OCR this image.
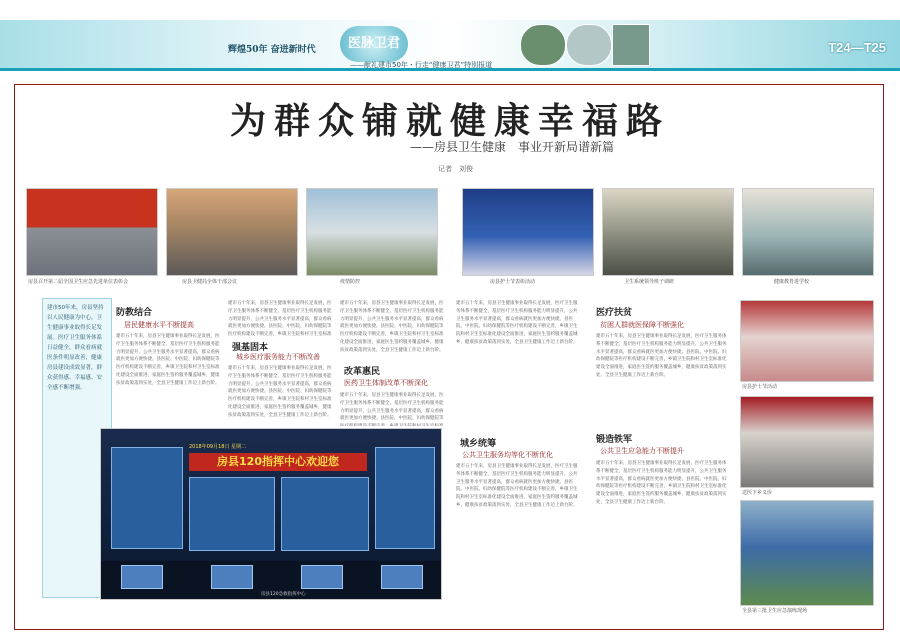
辉煌50年 奋进新时代	医脉卫君
——献礼建市50年・行走“健康卫君”特别报道
T24—T25
为群众铺就健康幸福路
——房县卫生健康　事业开新局谱新篇
记者　刘俊
房县召开第二届全国卫生应急先进单位表彰会	房县卫健局全体干部会议	疫情防控	房县护士节表彰活动	卫生系统领导班子调研	健康教育进学校
建市50年来，房县坚持以人民健康为中心，卫生健康事业取得长足发展。医疗卫生服务体系日益健全，群众看病就医条件明显改善，健康房县建设成效显著，群众获得感、幸福感、安全感不断增强。
防教结合
居民健康水平不断提高

建市五十年来，房县卫生健康事业取得长足发展，医疗卫生服务体系不断健全，基层医疗卫生机构服务能力明显提升，公共卫生服务水平显著提高，群众看病就医更加方便快捷。县医院、中医院、妇幼保健院等医疗机构建设不断完善，乡镇卫生院和村卫生室标准化建设全面推进，家庭医生签约服务覆盖城乡，健康扶贫政策落到实处，全县卫生健康工作迈上新台阶。

建市五十年来，房县卫生健康事业取得长足发展，医疗卫生服务体系不断健全，基层医疗卫生机构服务能力明显提升，公共卫生服务水平显著提高，群众看病就医更加方便快捷。县医院、中医院、妇幼保健院等医疗机构建设不断完善，乡镇卫生院和村卫生室标准

强基固本
城乡医疗服务能力不断改善

建市五十年来，房县卫生健康事业取得长足发展，医疗卫生服务体系不断健全，基层医疗卫生机构服务能力明显提升，公共卫生服务水平显著提高，群众看病就医更加方便快捷。县医院、中医院、妇幼保健院等医疗机构建设不断完善，乡镇卫生院和村卫生室标准化建设全面推进，家庭医生签约服务覆盖城乡，健康扶贫政策落到实处，全县卫生健康工作迈上新台阶。

建市五十年来，房县卫生健康事业取得长足发展，医疗卫生服务体系不断健全，基层医疗卫生机构服务能力明显提升，公共卫生服务水平显著提高，群众看病就医更加方便快捷。县医院、中医院、妇幼保健院等医疗机构建设不断完善，乡镇卫生院和村卫生室标准化建设全面推进，家庭医生签约服务覆盖城乡，健康扶贫政策落到实处，全县卫生健康工作迈上新台阶。

改革惠民
医药卫生体制改革不断深化

建市五十年来，房县卫生健康事业取得长足发展，医疗卫生服务体系不断健全，基层医疗卫生机构服务能力明显提升，公共卫生服务水平显著提高，群众看病就医更加方便快捷。县医院、中医院、妇幼保健院等

建市五十年来，房县卫生健康事业取得长足发展，医疗卫生服务体系不断健全，基层医疗卫生机构服务能力明显提升，公共卫生服务水平显著提高，群众看病就医更加方便快捷。县医院、中医院、妇幼保健院等医疗机构建设不断完善，乡镇卫生院和村卫生室标准化建设全面推进，家庭医生签约服务覆盖城乡，健康扶贫政策落到实处，全县卫生健康工作迈上新台阶。

城乡统筹
公共卫生服务均等化不断优化

建市五十年来，房县卫生健康事业取得长足发展，医疗卫生服务体系不断健全，基层医疗卫生机构服务能力明显提升，公共卫生服务水平显著提高，群众看病就医更加方便快捷。县医院、中医院、妇幼保健院等医疗机构建设不断完善，乡镇卫生院和村卫生室标准化建设全面推进，家庭医生签约服务覆盖城乡，健康扶贫政策落到实处，全县卫生健康工作迈上新台阶。

医疗扶贫
贫困人群就医保障不断强化

建市五十年来，房县卫生健康事业取得长足发展，医疗卫生服务体系不断健全，基层医疗卫生机构服务能力明显提升，公共卫生服务水平显著提高，群众看病就医更加方便快捷。县医院、中医院、妇幼保健院等医疗机构建设不断完善，乡镇卫生院和村卫生室标准化建设全面推进，家庭医生签约服务覆盖城乡，健康扶贫政策落到实处，全县卫生健康工作迈上新台阶。

锻造铁军
公共卫生应急能力不断提升

建市五十年来，房县卫生健康事业取得长足发展，医疗卫生服务体系不断健全，基层医疗卫生机构服务能力明显提升，公共卫生服务水平显著提高，群众看病就医更加方便快捷。县医院、中医院、妇幼保健院等医疗机构建设不断完善，乡镇卫生院和村卫生室标准化建设全面推进，家庭医生签约服务覆盖城乡，健康扶贫政策落到实处，全县卫生健康工作迈上新台阶。

房县护士节活动
送医下乡义诊
全县第三批卫生应急演练现场
2018年09月18日 星期二
房县120指挥中心欢迎您
房县120急救指挥中心
